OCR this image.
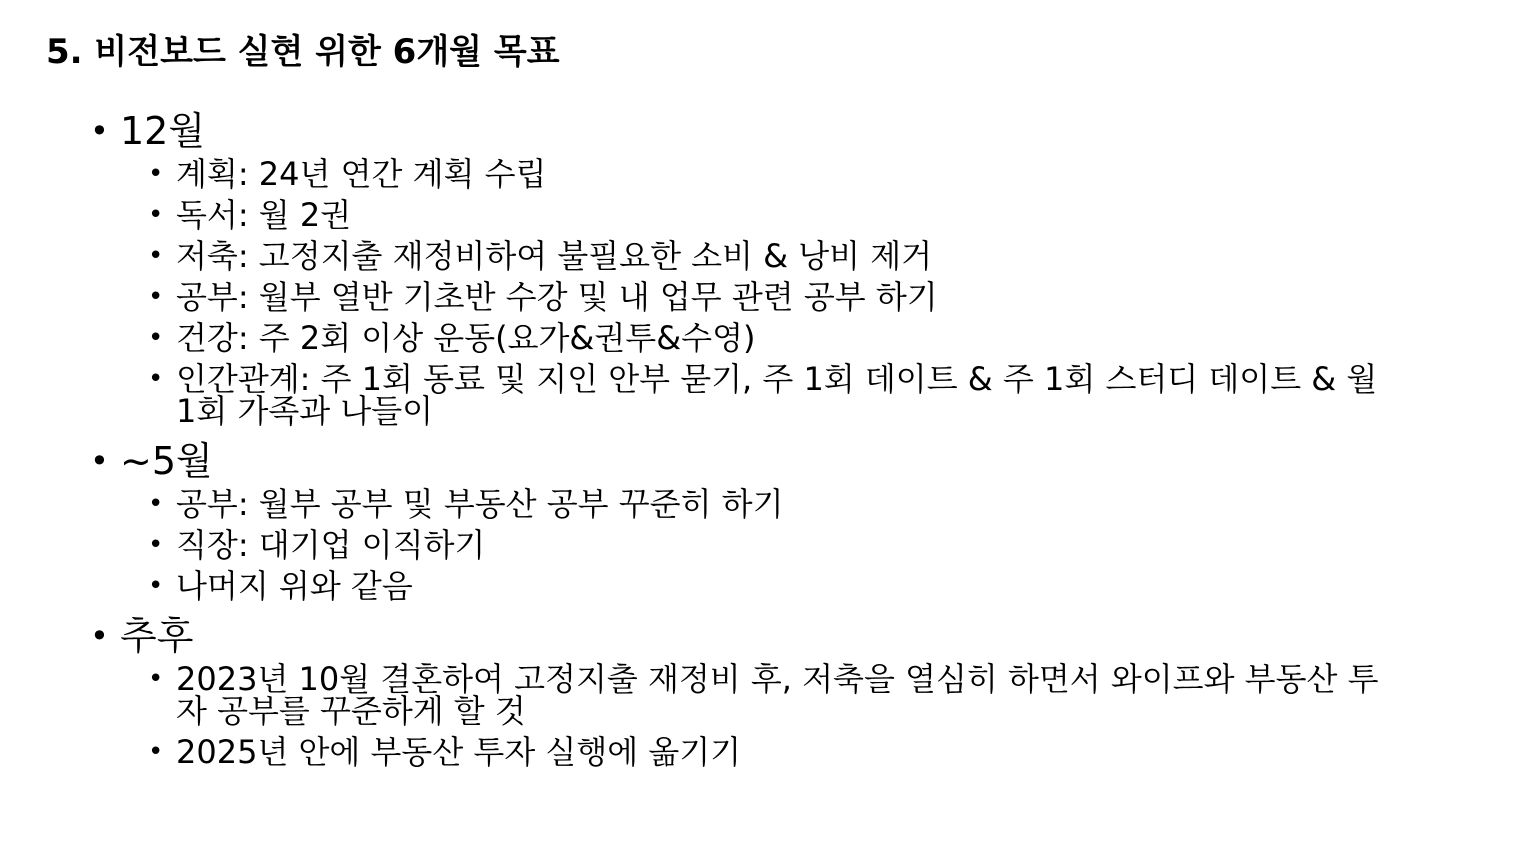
5. 비전보드 실현 위한 6개월 목표
• 12월
• 계획: 24년 연간 계획 수립
• 독서: 월 2권
• 저축: 고정지출 재정비하여 불필요한 소비 & 낭비 제거
• 공부: 월부 열반 기초반 수강 및 내 업무 관련 공부 하기
• 건강: 주 2회 이상 운동(요가&권투&수영)
• 인간관계: 주 1회 동료 및 지인 안부 묻기, 주 1회 데이트 & 주 1회 스터디 데이트 & 월 1회 가족과 나들이
• ~5월
• 공부: 월부 공부 및 부동산 공부 꾸준히 하기
• 직장: 대기업 이직하기
• 나머지 위와 같음
• 추후
• 2023년 10월 결혼하여 고정지출 재정비 후, 저축을 열심히 하면서 와이프와 부동산 투자 공부를 꾸준하게 할 것
• 2025년 안에 부동산 투자 실행에 옮기기
